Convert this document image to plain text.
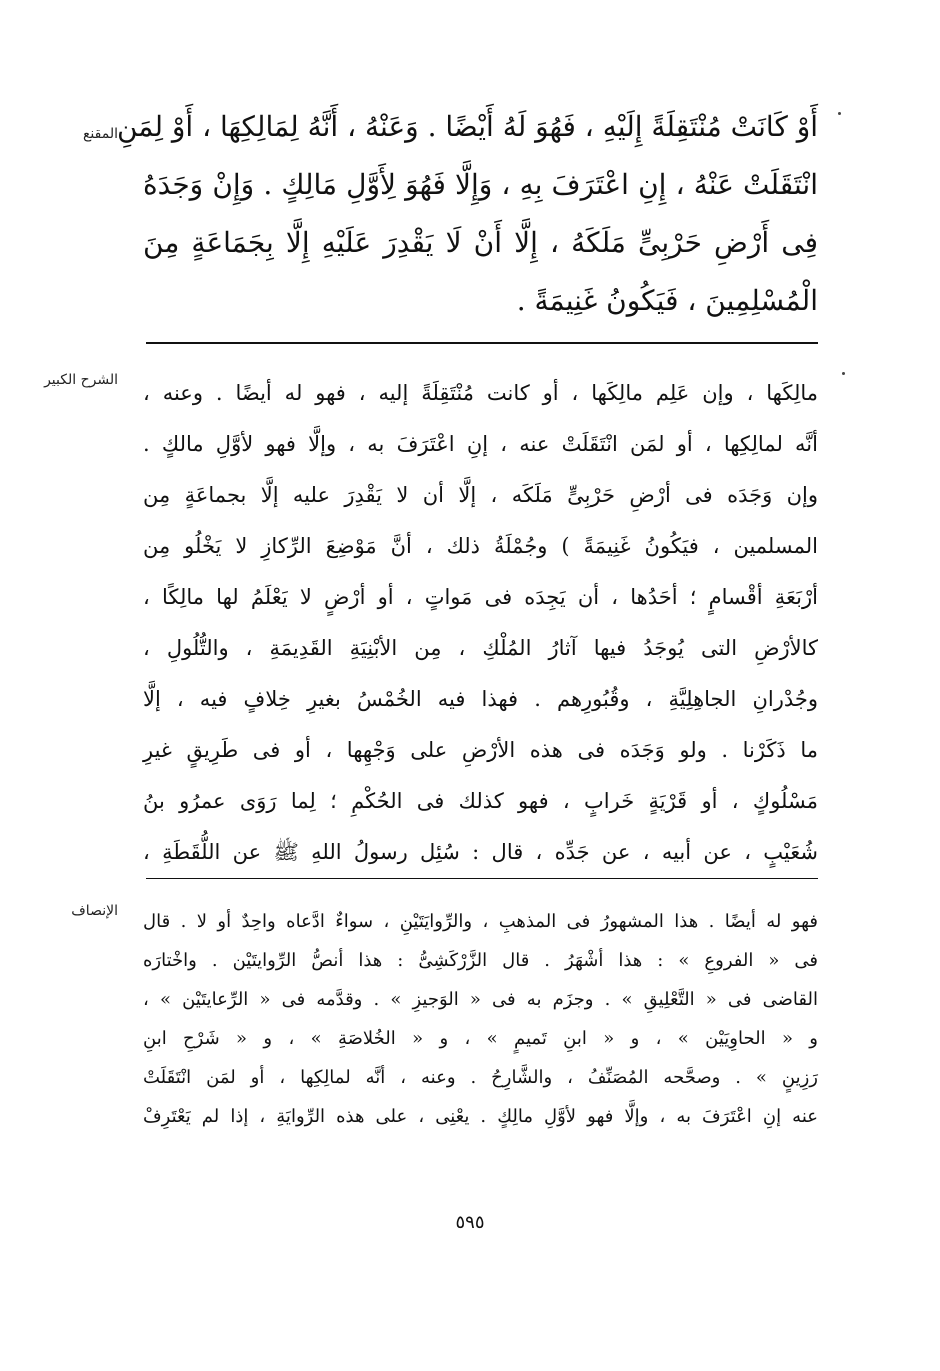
المقنع
الشرح الكبير
الإنصاف
أَوْ كَانَتْ مُنْتَقِلَةً إِلَيْهِ ، فَهُوَ لَهُ أَيْضًا . وَعَنْهُ ، أَنَّهُ لِمَالِكِهَا ، أَوْ لِمَنِ
انْتَقَلَتْ عَنْهُ ، إِنِ اعْتَرَفَ بِهِ ، وَإِلَّا فَهُوَ لِأَوَّلِ مَالِكٍ . وَإِنْ وَجَدَهُ
فِى أَرْضِ حَرْبِىٍّ مَلَكَهُ ، إِلَّا أَنْ لَا يَقْدِرَ عَلَيْهِ إِلَّا بِجَمَاعَةٍ مِنَ
الْمُسْلِمِينَ ، فَيَكُونُ غَنِيمَةً .
مالِكَها ، وإن عَلِم مالِكَها ، أو كانت مُنْتَقِلَةً إليه ، فهو له أيضًا . وعنه ،
أنَّه لمالِكِها ، أو لمَن انْتَقَلَتْ عنه ، إنِ اعْتَرَفَ به ، وإلَّا فهو لأوَّلِ مالكٍ .
وإن وَجَدَه فى أرْضِ حَرْبِىٍّ مَلَكَه ، إلَّا أن لا يَقْدِرَ عليه إلَّا بجماعَةٍ مِن
المسلمين ، فيَكُونُ غَنِيمَةً ) وجُمْلَةُ ذلك ، أنَّ مَوْضِعَ الرِّكازِ لا يَخْلُو مِن
أرْبَعَةِ أقْسامٍ ؛ أحَدُها ، أن يَجِدَه فى مَواتٍ ، أو أرْضٍ لا يَعْلَمُ لها مالِكًا ،
كالأرْضِ التى يُوجَدُ فيها آثارُ المُلْكِ ، مِن الأبْنِيَةِ القَدِيمَةِ ، والتُّلُولِ ،
وجُدْرانِ الجاهِلِيَّةِ ، وقُبُورِهم . فهذا فيه الخُمْسُ بغيرِ خِلافٍ فيه ، إلَّا
ما ذَكَرْنا . ولو وَجَدَه فى هذه الأرْضِ على وَجْهِها ، أو فى طَرِيقٍ غيرِ
مَسْلُوكٍ ، أو قَرْيَةٍ خَرابٍ ، فهو كذلك فى الحُكْمِ ؛ لِما رَوَى عمرُو بنُ
شُعَيْبٍ ، عن أبيه ، عن جَدِّه ، قال : سُئِل رسولُ اللهِ ﷺ عن اللُّقَطَةِ ،
فهو له أيضًا . هذا المشهورُ فى المذهبِ ، والرِّوايَتَيْنِ ، سواءٌ ادَّعاه واحِدٌ أو لا . قال
فى « الفروعِ » : هذا أشْهَرُ . قال الزَّرْكَشِىُّ : هذا أنصُّ الرِّوايتَيْن . واخْتارَه
القاضى فى « التَّعْلِيقِ » . وجزَم به فى « الوَجيزِ » . وقدَّمه فى « الرِّعايتَيْن » ،
و « الحاوِيَيْن » ، و « ابنِ تَميمٍ » ، و « الخُلاصَةِ » ، و « شَرْحِ ابنِ
رَزِينٍ » . وصحَّحه المُصَنِّفُ ، والشَّارِحُ . وعنه ، أنَّه لمالِكِها ، أو لمَن انْتَقَلَتْ
عنه إنِ اعْتَرَفَ به ، وإلَّا فهو لأوَّلِ مالِكٍ . يعْنِى ، على هذه الرِّوايَةِ ، إذا لم يَعْتَرِفْ
٥٩٥
